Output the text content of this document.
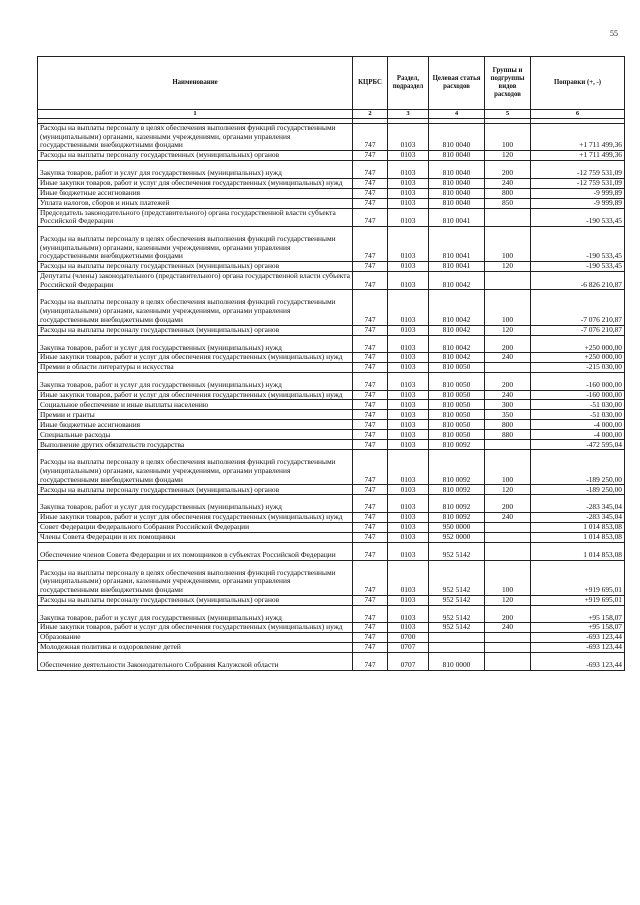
55
Наименование	КЦРБС	Раздел, подраздел	Целевая статья расходов	Группы и подгруппы видов расходов	Поправки (+, -)
1	2	3	4	5	6

Расходы на выплаты персоналу в целях обеспечения выполнения функций государственными (муниципальными) органами, казенными учреждениями, органами управления государственными внебюджетными фондами	747	0103	810 0040	100	+1 711 499,36
Расходы на выплаты персоналу государственных (муниципальных) органов	747	0103	810 0040	120	+1 711 499,36
Закупка товаров, работ и услуг для государственных (муниципальных) нужд	747	0103	810 0040	200	-12 759 531,09
Иные закупки товаров, работ и услуг для обеспечения государственных (муниципальных) нужд	747	0103	810 0040	240	-12 759 531,09
Иные бюджетные ассигнования	747	0103	810 0040	800	-9 999,89
Уплата налогов, сборов и иных платежей	747	0103	810 0040	850	-9 999,89
Председатель законодательного (представительного) органа государственной власти субъекта Российской Федерации	747	0103	810 0041		-190 533,45
Расходы на выплаты персоналу в целях обеспечения выполнения функций государственными (муниципальными) органами, казенными учреждениями, органами управления государственными внебюджетными фондами	747	0103	810 0041	100	-190 533,45
Расходы на выплаты персоналу государственных (муниципальных) органов	747	0103	810 0041	120	-190 533,45
Депутаты (члены) законодательного (представительного) органа государственной власти субъекта Российской Федерации	747	0103	810 0042		-6 826 210,87
Расходы на выплаты персоналу в целях обеспечения выполнения функций государственными (муниципальными) органами, казенными учреждениями, органами управления государственными внебюджетными фондами	747	0103	810 0042	100	-7 076 210,87
Расходы на выплаты персоналу государственных (муниципальных) органов	747	0103	810 0042	120	-7 076 210,87
Закупка товаров, работ и услуг для государственных (муниципальных) нужд	747	0103	810 0042	200	+250 000,00
Иные закупки товаров, работ и услуг для обеспечения государственных (муниципальных) нужд	747	0103	810 0042	240	+250 000,00
Премии в области литературы и искусства	747	0103	810 0050		-215 030,00
Закупка товаров, работ и услуг для государственных (муниципальных) нужд	747	0103	810 0050	200	-160 000,00
Иные закупки товаров, работ и услуг для обеспечения государственных (муниципальных) нужд	747	0103	810 0050	240	-160 000,00
Социальное обеспечение и иные выплаты населению	747	0103	810 0050	300	-51 030,00
Премии и гранты	747	0103	810 0050	350	-51 030,00
Иные бюджетные ассигнования	747	0103	810 0050	800	-4 000,00
Специальные расходы	747	0103	810 0050	880	-4 000,00
Выполнение других обязательств государства	747	0103	810 0092		-472 595,04
Расходы на выплаты персоналу в целях обеспечения выполнения функций государственными (муниципальными) органами, казенными учреждениями, органами управления государственными внебюджетными фондами	747	0103	810 0092	100	-189 250,00
Расходы на выплаты персоналу государственных (муниципальных) органов	747	0103	810 0092	120	-189 250,00
Закупка товаров, работ и услуг для государственных (муниципальных) нужд	747	0103	810 0092	200	-283 345,04
Иные закупки товаров, работ и услуг для обеспечения государственных (муниципальных) нужд	747	0103	810 0092	240	-283 345,04
Совет Федерации Федерального Собрания Российской Федерации	747	0103	950 0000		1 014 853,08
Члены Совета Федерации и их помощники	747	0103	952 0000		1 014 853,08
Обеспечение членов Совета Федерации и их помощников в субъектах Российской Федерации	747	0103	952 5142		1 014 853,08
Расходы на выплаты персоналу в целях обеспечения выполнения функций государственными (муниципальными) органами, казенными учреждениями, органами управления государственными внебюджетными фондами	747	0103	952 5142	100	+919 695,01
Расходы на выплаты персоналу государственных (муниципальных) органов	747	0103	952 5142	120	+919 695,01
Закупка товаров, работ и услуг для государственных (муниципальных) нужд	747	0103	952 5142	200	+95 158,07
Иные закупки товаров, работ и услуг для обеспечения государственных (муниципальных) нужд	747	0103	952 5142	240	+95 158,07
Образование	747	0700			-693 123,44
Молодежная политика и оздоровление детей	747	0707			-693 123,44
Обеспечение деятельности Законодательного Собрания Калужской области	747	0707	810 0000		-693 123,44
